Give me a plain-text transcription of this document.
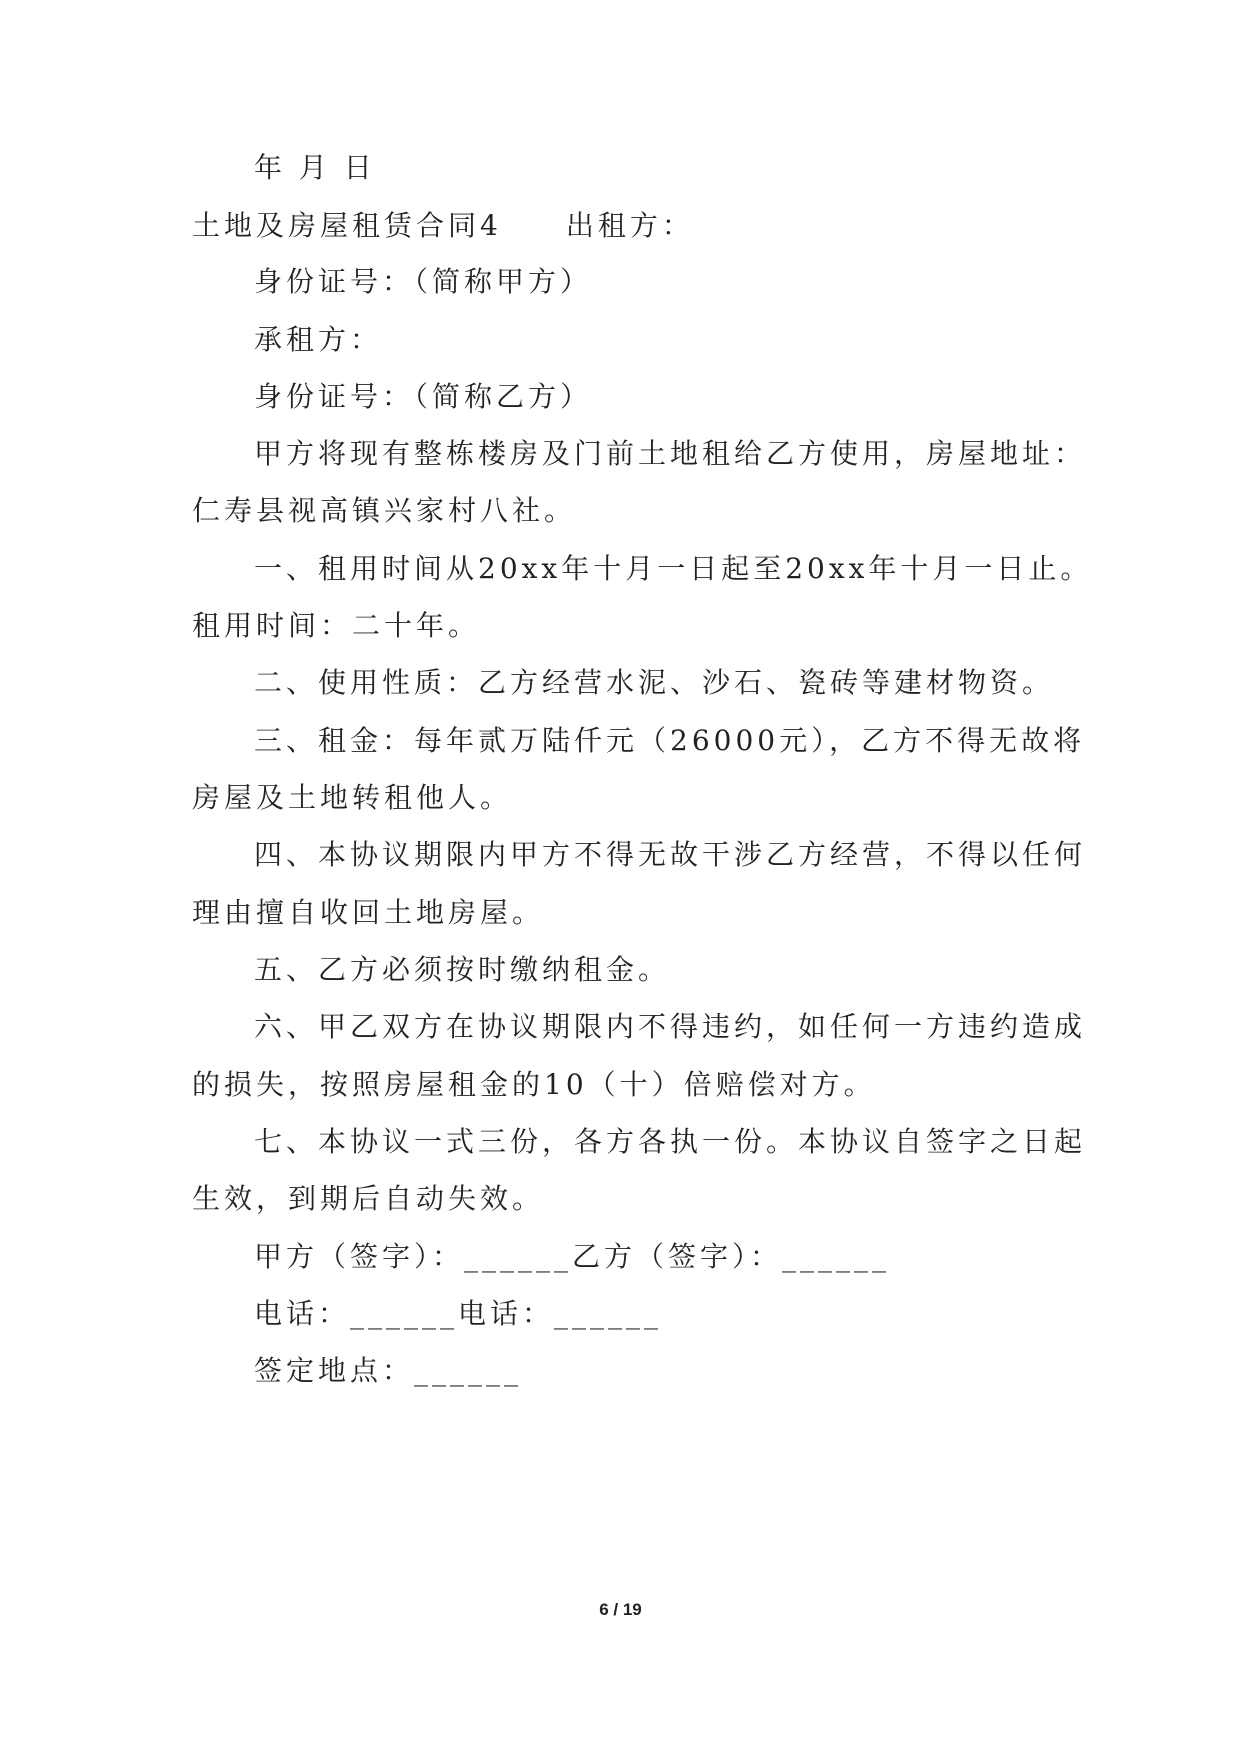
年 月 日
土地及房屋租赁合同4　　出租方：
身份证号：（简称甲方）
承租方：
身份证号：（简称乙方）
甲方将现有整栋楼房及门前土地租给乙方使用，房屋地址：
仁寿县视高镇兴家村八社。
一、租用时间从20xx年十月一日起至20xx年十月一日止。
租用时间：二十年。
二、使用性质：乙方经营水泥、沙石、瓷砖等建材物资。
三、租金：每年贰万陆仟元（26000元），乙方不得无故将
房屋及土地转租他人。
四、本协议期限内甲方不得无故干涉乙方经营，不得以任何
理由擅自收回土地房屋。
五、乙方必须按时缴纳租金。
六、甲乙双方在协议期限内不得违约，如任何一方违约造成
的损失，按照房屋租金的10（十）倍赔偿对方。
七、本协议一式三份，各方各执一份。本协议自签字之日起
生效，到期后自动失效。
甲方（签字）：______乙方（签字）：______
电话：______电话：______
签定地点：______
6 / 19
